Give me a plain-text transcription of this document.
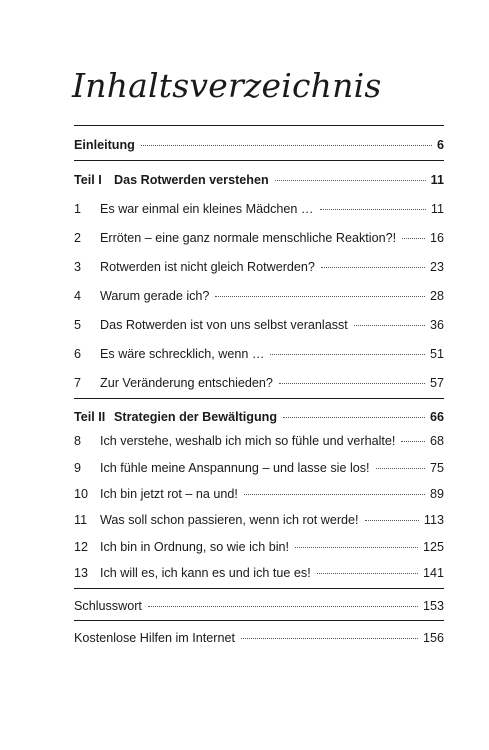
Inhaltsverzeichnis
Einleitung	6
Teil I Das Rotwerden verstehen	11
1	Es war einmal ein kleines Mädchen …	11
2	Erröten – eine ganz normale menschliche Reaktion?!	16
3	Rotwerden ist nicht gleich Rotwerden?	23
4	Warum gerade ich?	28
5	Das Rotwerden ist von uns selbst veranlasst	36
6	Es wäre schrecklich, wenn …	51
7	Zur Veränderung entschieden?	57
Teil II Strategien der Bewältigung	66
8	Ich verstehe, weshalb ich mich so fühle und verhalte!	68
9	Ich fühle meine Anspannung – und lasse sie los!	75
10 Ich bin jetzt rot – na und!	89
11	Was soll schon passieren, wenn ich rot werde!	113
12 Ich bin in Ordnung, so wie ich bin!	125
13 Ich will es, ich kann es und ich tue es!	141
Schlusswort	153
Kostenlose Hilfen im Internet	156
